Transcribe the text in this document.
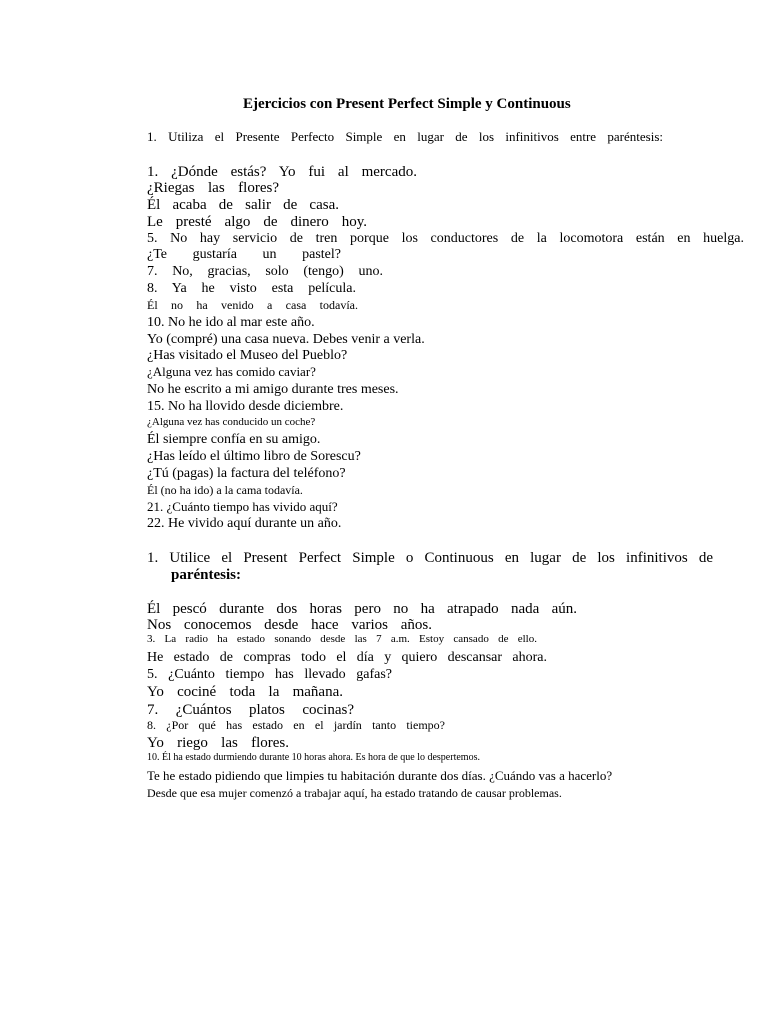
Ejercicios con Present Perfect Simple y Continuous
1. Utiliza el Presente Perfecto Simple en lugar de los infinitivos entre paréntesis:
1. ¿Dónde estás? Yo fui al mercado.
¿Riegas las flores?
Él acaba de salir de casa.
Le presté algo de dinero hoy.
5. No hay servicio de tren porque los conductores de la locomotora están en huelga.
¿Te gustaría un pastel?
7. No, gracias, solo (tengo) uno.
8. Ya he visto esta película.
Él no ha venido a casa todavía.
10. No he ido al mar este año.
Yo (compré) una casa nueva. Debes venir a verla.
¿Has visitado el Museo del Pueblo?
¿Alguna vez has comido caviar?
No he escrito a mi amigo durante tres meses.
15. No ha llovido desde diciembre.
¿Alguna vez has conducido un coche?
Él siempre confía en su amigo.
¿Has leído el último libro de Sorescu?
¿Tú (pagas) la factura del teléfono?
Él (no ha ido) a la cama todavía.
21. ¿Cuánto tiempo has vivido aquí?
22. He vivido aquí durante un año.
1. Utilice el Present Perfect Simple o Continuous en lugar de los infinitivos de
paréntesis:
Él pescó durante dos horas pero no ha atrapado nada aún.
Nos conocemos desde hace varios años.
3. La radio ha estado sonando desde las 7 a.m. Estoy cansado de ello.
He estado de compras todo el día y quiero descansar ahora.
5. ¿Cuánto tiempo has llevado gafas?
Yo cociné toda la mañana.
7. ¿Cuántos platos cocinas?
8. ¿Por qué has estado en el jardín tanto tiempo?
Yo riego las flores.
10. Él ha estado durmiendo durante 10 horas ahora. Es hora de que lo despertemos.
Te he estado pidiendo que limpies tu habitación durante dos días. ¿Cuándo vas a hacerlo?
Desde que esa mujer comenzó a trabajar aquí, ha estado tratando de causar problemas.
